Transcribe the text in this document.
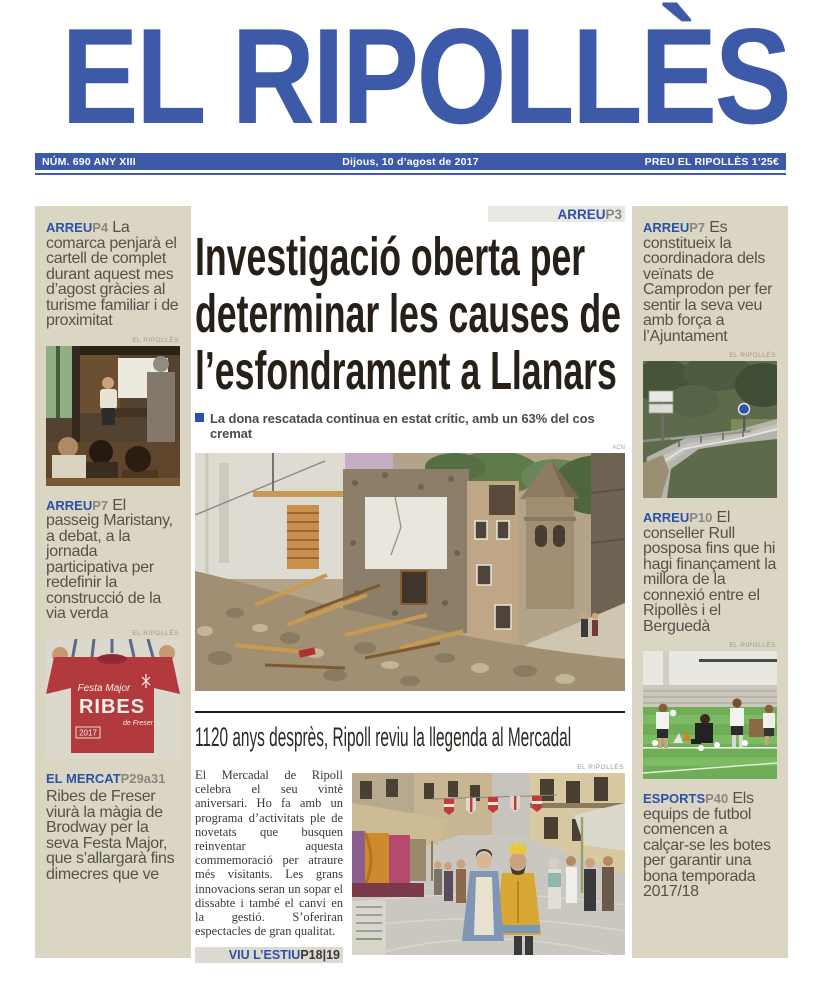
EL RIPOLLÈS
NÚM. 690 ANY XIII	Dijous, 10 d’agost de 2017	PREU EL RIPOLLÈS 1’25€

ARREUP4 La comarca penjarà el cartell de complet durant aquest mes d’agost gràcies al turisme familiar i de proximitat

EL RIPOLLÈS

ARREUP7 El passeig Maristany, a debat, a la jornada participativa per redefinir la construcció de la via verda

EL RIPOLLÈS
Festa Major
RIBES
de Freser
2017

EL MERCATP29a31
Ribes de Freser viurà la màgia de Brodway per la seva Festa Major, que s’allargarà fins dimecres que ve

ARREU P3
Investigació oberta per
determinar les causes de
l’esfondrament a Llanars
La dona rescatada continua en estat crític, amb un 63% del cos cremat
ACN
1120 anys desprès, Ripoll reviu la llegenda al Mercadal

El Mercadal de Ripoll celebra el seu vintè aniversari. Ho fa amb un programa d’activitats ple de novetats que busquen reinventar aquesta commemoració per atraure més visitants. Les grans innovacions seran un sopar el dissabte i també el canvi en la gestió. S’oferiran espectacles de gran qualitat.

VIU L’ESTIU P18|19
EL RIPOLLÈS

ARREUP7 Es constitueix la coordinadora dels veïnats de Camprodon per fer sentir la seva veu amb força a l’Ajuntament

EL RIPOLLÈS

ARREUP10 El conseller Rull posposa fins que hi hagi finançament la millora de la connexió entre el Ripollès i el Berguedà

EL RIPOLLÈS

ESPORTSP40 Els equips de futbol comencen a calçar-se les botes per garantir una bona temporada 2017/18
